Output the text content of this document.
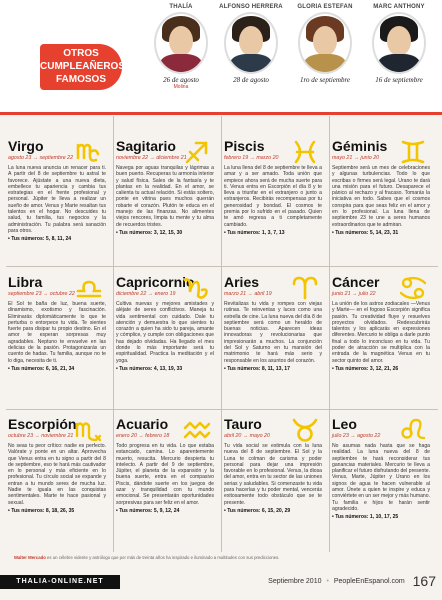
OTROS
CUMPLEAÑEROS
FAMOSOS
THALÍA
26 de agosto
Molina
ALFONSO HERRERA
28 de agosto
GLORIA ESTEFAN
1ro de septiembre
MARC ANTHONY
16 de septiembre
Virgo
agosto 23 → septiembre 22
La luna nueva anuncia un renacer para ti. A partir del 8 de septiembre tu astral te favorece. Ajústate a una nueva dieta, embellece tu apariencia y cambia tus estrategias en el frente profesional y personal. Júpiter te lleva a realizar un sueño de amor. Venus y Marte resaltan tus talentos en el hogar. No descuides tu salud, tu familia, tus negocios y la administración. Tu palabra será sanación para otros.
• Tus números: 5, 8, 11, 24
Sagitario
noviembre 22 → diciembre 21
Navega por aguas tranquilas y lágrimas a buen puerto. Recuperas tu armonía interior y salud física. Sales de la fantasía y te plantas en la realidad. En el amor, se calienta tu actual relación. Si estás soltero, ponte en vitrina pues muchos querrán robarte el corazón. Plutón te educa en el manejo de las finanzas. No alimentes viejos rencores, limpia tu mente y tu alma de recuerdos tristes.
• Tus números: 3, 12, 15, 30
Piscis
febrero 19 → marzo 20
La luna llena del 8 de septiembre te lleva a amar y a ser amado. Toda unión que empiece ahora será de mucha suerte para ti. Venus entra en Escorpión el día 8 y te lleva a triunfar en el extranjero o junto a extranjeros. Recibirás recompensas por tu generosidad y bondad. El cosmos te premia por lo sufrido en el pasado. Quien te amó regresa a ti completamente cambiado.
• Tus números: 1, 3, 7, 13
Géminis
mayo 21 → junio 20
Septiembre será un mes de celebraciones y algunas turbulencias. Todo lo que escribas o firmes será legal. Urano te dará una misión para el futuro. Desaparece el pánico al rechazo y al fracaso. Tomarás la iniciativa en todo. Sabes que el cosmos conspira para que seas feliz en el amor y en lo profesional. La luna llena de septiembre 23 te une a seres humanos extraordinarios que te admiran.
• Tus números: 5, 14, 23, 31
Libra
septiembre 23 → octubre 22
El Sol te baña de luz, buena suerte, dinamismo, exotismo y fascinación. Eliminarás diplomáticamente lo que te perturba o entorpece tu vida. Te sientes fuerte para disipar tu propio destino. En el amor te esperan sorpresas muy agradables. Neptuno te envuelve en las delicias de la pasión. Protagonizarás un cuento de hadas. Tu familia, aunque no te lo diga, necesita de ti.
• Tus números: 6, 16, 21, 34
Capricornio
diciembre 22 → enero 19
Cultiva nuevas y mejores amistades y aléjate de seres conflictivos. Maneja tu vida sentimental con cuidado. Dale tu atención y demuestra lo que sientes tu corazón a quien ha sido tu pareja, amante y cómplice, y cumple con obligaciones que has dejado olvidadas. Ha llegado el mes donde lo más importante será tu espiritualidad. Practica la meditación y el yoga.
• Tus números: 4, 13, 19, 33
Aries
marzo 21 → abril 19
Revitalizas tu vida y rompes con viejas rutinas. Te reinventas y luces como una estrella de cine. La luna nueva del día 8 de septiembre será como un heraldo de buenas noticias. Aparecen ideas innovadoras y revolucionarias que impresionarán a muchos. La conjunción del Sol y Saturno en tu mansión del matrimonio te hará más serio y responsable en los asuntos del corazón.
• Tus números: 8, 11, 13, 17
Cáncer
junio 21 → julio 22
La unión de los astros zodiacales —Venus y Marte— en el fogoso Escorpión significa pasión. Tu creatividad fluye y resuelves proyectos olvidados. Redescubrirás talentos y los aplicarás en expresiones diferentes. Mercurio te obliga a darle punto final a todo lo inconcluso en tu vida. Tu poder de atracción se multiplica con la entrada de la magnética Venus en tu sector quinto del amor.
• Tus números: 3, 12, 21, 26
Escorpión
octubre 23 → noviembre 21
No seas tu peor crítico: nadie es perfecto. Valórate y ponte en un altar. Aprovecha que Venus entra en tu signo a partir del 8 de septiembre, eso te hará más cautivador en lo personal y más eficiente en lo profesional. Tu círculo social se expande y entran a tu mundo seres de mucha luz. Nadie te iguala en las conquistas sentimentales. Marte te hace pasional y sexual.
• Tus números: 8, 18, 26, 35
Acuario
enero 20 → febrero 18
Todo progresa en tu vida. Lo que estaba estancado, camina. Lo aparentemente muerto, resucita. Mercurio despierta tu intelecto. A partir del 9 de septiembre, Júpiter, el planeta de la expansión y la buena suerte, entra en el compasivo Piscis, dándote suerte en los juegos de azar y tranquilidad con tu mundo emocional. Se presentarán oportunidades sorpresivas para ser feliz en el amor.
• Tus números: 5, 9, 12, 24
Tauro
abril 20 → mayo 20
Tu vida social se estimula con la luna nueva del 8 de septiembre. El Sol y la Luna te colman de carisma y poder personal para dejar una impresión favorable en lo profesional. Venus, la diosa del amor, entra en tu sector de las uniones serias y saludables. Si comenzaste tu vida para hacerlas y tu poder mental, vencerás exitosamente todo obstáculo que se te presente.
• Tus números: 6, 15, 20, 29
Leo
julio 23 → agosto 22
No asumas nada hasta que se haga realidad. La luna nueva del 8 de septiembre te hará reconsiderar tus ganancias materiales. Mercurio te lleva a planificar el futuro disfrutando del presente. Venus, Marte, Júpiter y Urano en los signos de agua te hacen vulnerable al amor. Únete a quien te inspire y educa y conviértete en un ser mejor y más humano. Tu familia e hijos te harán sentir agradecido.
• Tus números: 1, 10, 17, 25
Walter Mercado es un célebre vidente y astrólogo que por más de treinta años ha inspirado e iluminado a multitudes con sus predicciones.
THALIA-ONLINE.NET	Septiembre 2010 • PeopleEnEspanol.com 167
